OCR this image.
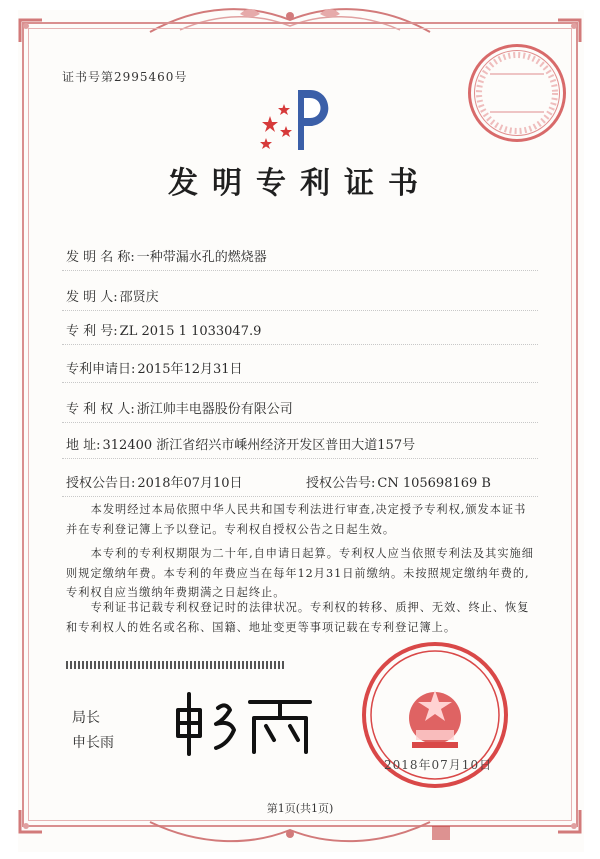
证书号第2995460号
发明专利证书
发 明 名 称: 一种带漏水孔的燃烧器
发 明 人: 邵贤庆
专 利 号: ZL 2015 1 1033047.9
专利申请日: 2015年12月31日
专 利 权 人: 浙江帅丰电器股份有限公司
地 址: 312400 浙江省绍兴市嵊州经济开发区普田大道157号
授权公告日: 2018年07月10日	授权公告号: CN 105698169 B
本发明经过本局依照中华人民共和国专利法进行审查,决定授予专利权,颁发本证书并在专利登记簿上予以登记。专利权自授权公告之日起生效。
本专利的专利权期限为二十年,自申请日起算。专利权人应当依照专利法及其实施细则规定缴纳年费。本专利的年费应当在每年12月31日前缴纳。未按照规定缴纳年费的,专利权自应当缴纳年费期满之日起终止。
专利证书记载专利权登记时的法律状况。专利权的转移、质押、无效、终止、恢复和专利权人的姓名或名称、国籍、地址变更等事项记载在专利登记簿上。
局长
申长雨
2018年07月10日
第1页(共1页)
